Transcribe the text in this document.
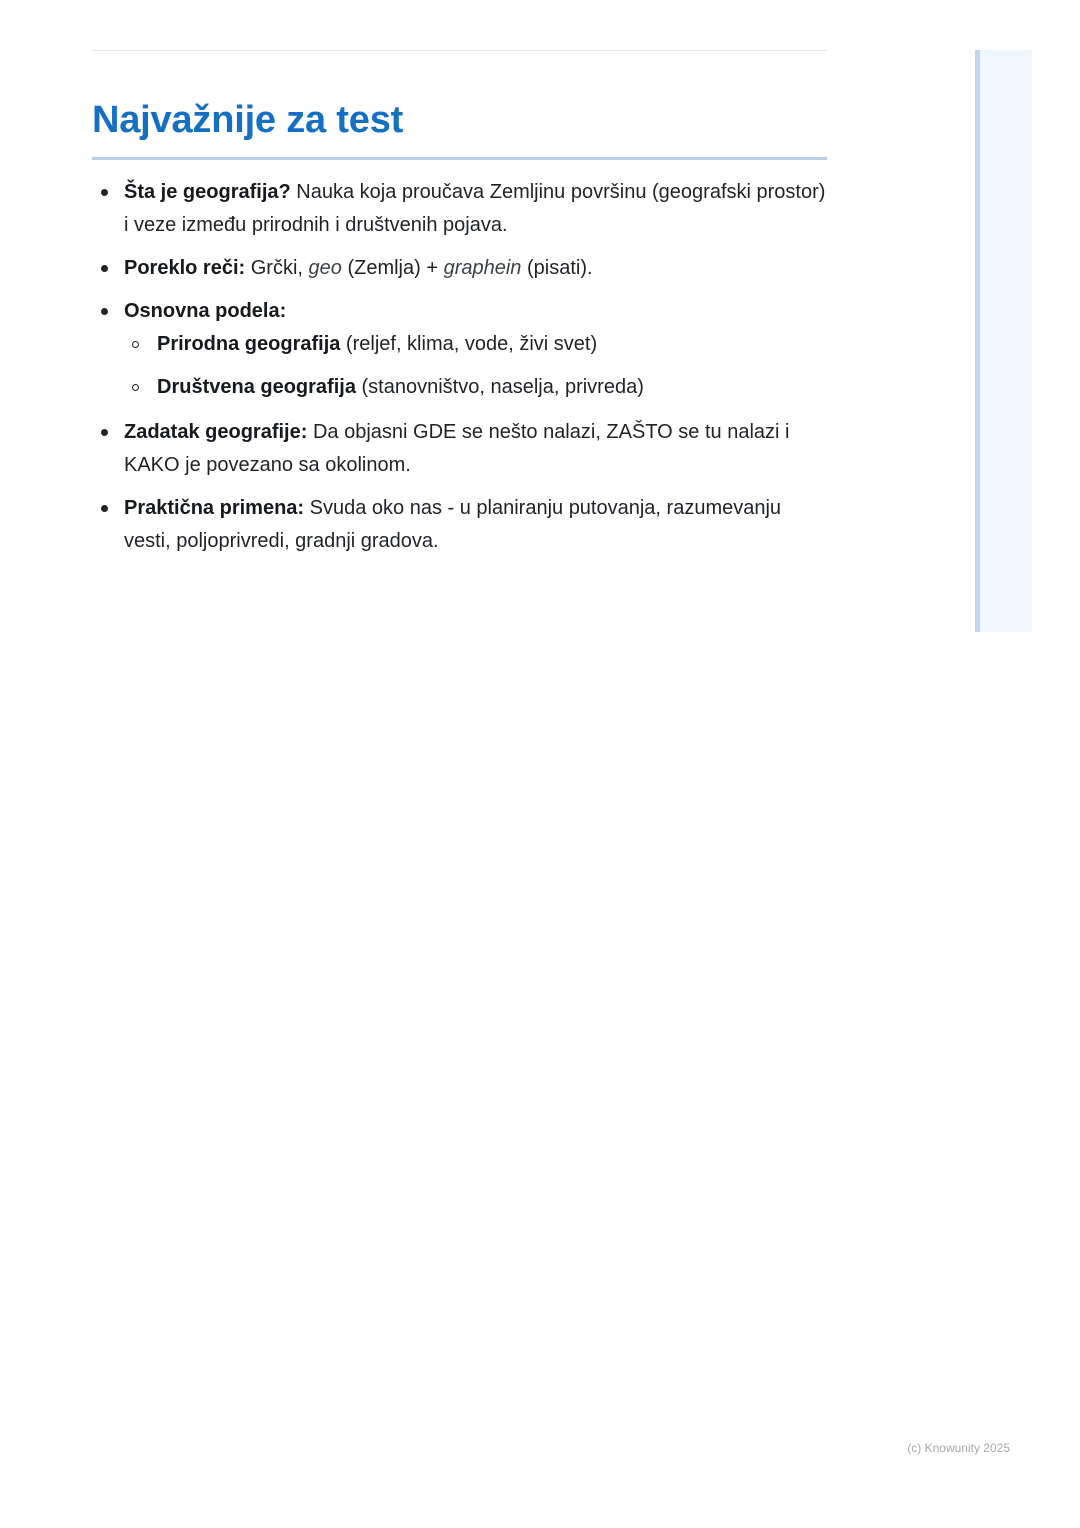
Najvažnije za test
Šta je geografija? Nauka koja proučava Zemljinu površinu (geografski prostor) i veze između prirodnih i društvenih pojava.
Poreklo reči: Grčki, geo (Zemlja) + graphein (pisati).
Osnovna podela:
Prirodna geografija (reljef, klima, vode, živi svet)
Društvena geografija (stanovništvo, naselja, privreda)
Zadatak geografije: Da objasni GDE se nešto nalazi, ZAŠTO se tu nalazi i KAKO je povezano sa okolinom.
Praktična primena: Svuda oko nas - u planiranju putovanja, razumevanju vesti, poljoprivredi, gradnji gradova.
(c) Knowunity 2025
